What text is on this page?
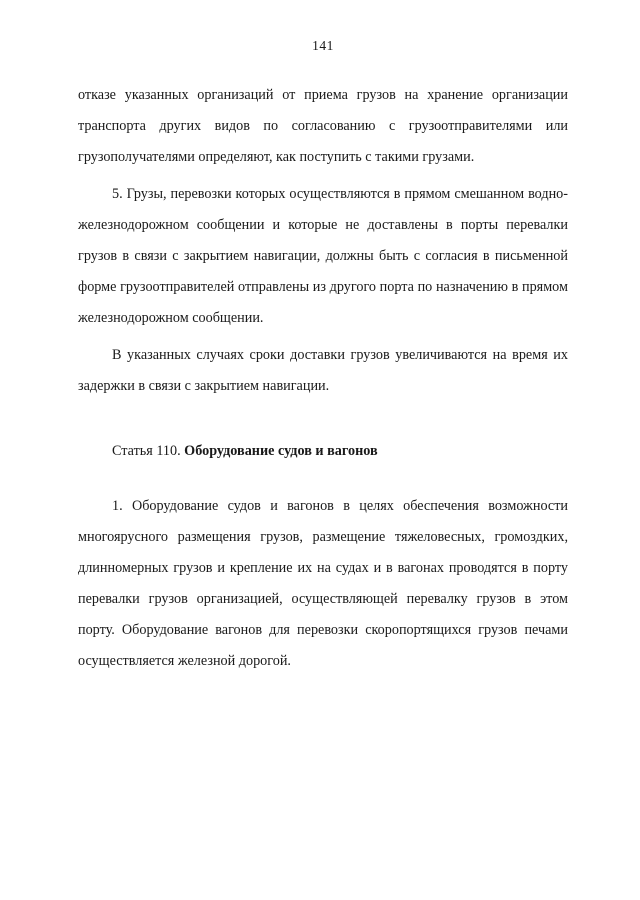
141

отказе указанных организаций от приема грузов на хранение организации транспорта других видов по согласованию с грузоотправителями или грузополучателями определяют, как поступить с такими грузами.

5. Грузы, перевозки которых осуществляются в прямом смешанном водно-железнодорожном сообщении и которые не доставлены в порты перевалки грузов в связи с закрытием навигации, должны быть с согласия в письменной форме грузоотправителей отправлены из другого порта по назначению в прямом железнодорожном сообщении.

В указанных случаях сроки доставки грузов увеличиваются на время их задержки в связи с закрытием навигации.

Статья 110. Оборудование судов и вагонов

1. Оборудование судов и вагонов в целях обеспечения возможности многоярусного размещения грузов, размещение тяжеловесных, громоздких, длинномерных грузов и крепление их на судах и в вагонах проводятся в порту перевалки грузов организацией, осуществляющей перевалку грузов в этом порту. Оборудование вагонов для перевозки скоропортящихся грузов печами осуществляется железной дорогой.
